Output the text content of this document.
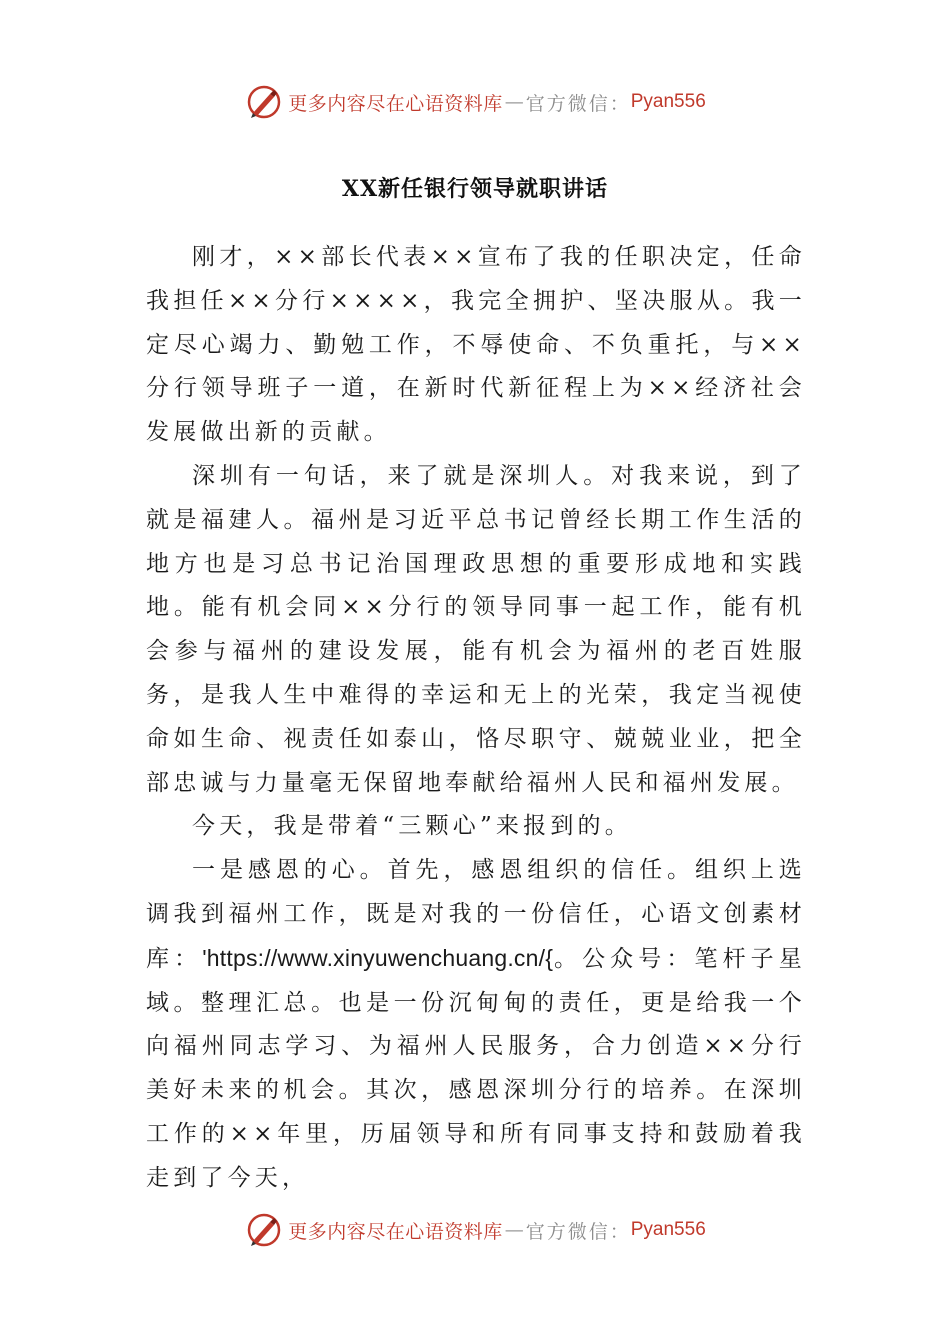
更多内容尽在心语资料库 — 官方微信： Pyan556
XX新任银行领导就职讲话

刚才，××部长代表××宣布了我的任职决定，任命我担任××分行××××，我完全拥护、坚决服从。我一定尽心竭力、勤勉工作，不辱使命、不负重托，与××分行领导班子一道，在新时代新征程上为××经济社会发展做出新的贡献。

深圳有一句话，来了就是深圳人。对我来说，到了就是福建人。福州是习近平总书记曾经长期工作生活的地方也是习总书记治国理政思想的重要形成地和实践地。能有机会同××分行的领导同事一起工作，能有机会参与福州的建设发展，能有机会为福州的老百姓服务，是我人生中难得的幸运和无上的光荣，我定当视使命如生命、视责任如泰山，恪尽职守、兢兢业业，把全部忠诚与力量毫无保留地奉献给福州人民和福州发展。

今天，我是带着“三颗心”来报到的。

一是感恩的心。首先，感恩组织的信任。组织上选调我到福州工作，既是对我的一份信任，心语文创素材库：'https://www.xinyuwenchuang.cn/{。公众号：笔杆子星域。整理汇总。也是一份沉甸甸的责任，更是给我一个向福州同志学习、为福州人民服务，合力创造××分行美好未来的机会。其次，感恩深圳分行的培养。在深圳工作的××年里，历届领导和所有同事支持和鼓励着我走到了今天，

更多内容尽在心语资料库 — 官方微信： Pyan556
